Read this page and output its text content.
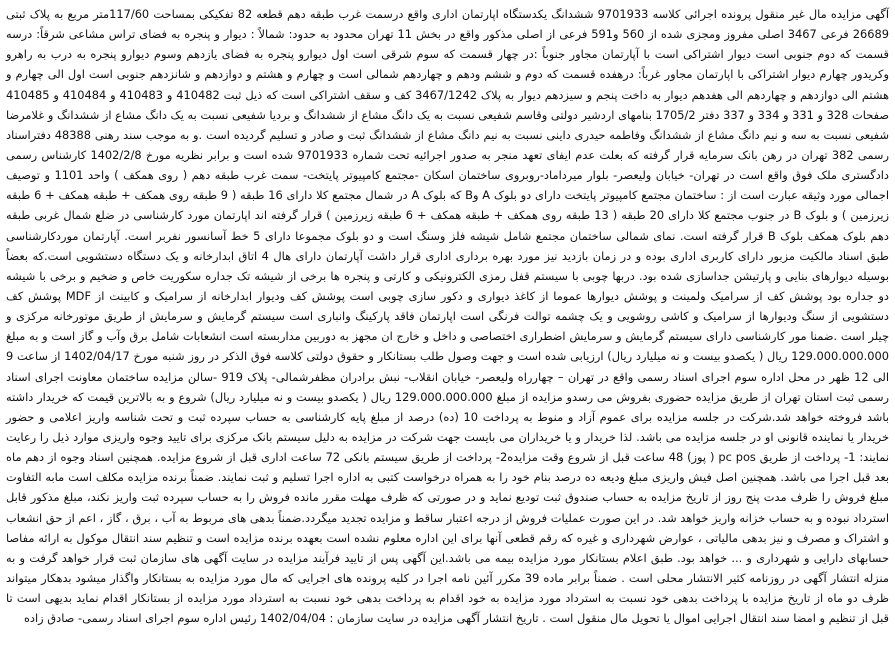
آگهی مزایده مال غیر منقول پرونده اجرائی کلاسه 9701933 ششدانگ یکدستگاه اپارتمان اداری واقع درسمت غرب طبقه دهم قطعه 82 تفکیکی بمساحت 117/60متر مربع به پلاک ثبتی 26689 فرعی 3467 اصلی مفروز ومجزی شده از 560 و591 فرعی از اصلی مذکور واقع در بخش 11 تهران محدود به حدود: شمالاً : دیوار و پنجره به فضای تراس مشاعی شرقاً: درسه قسمت که دوم جنوبی است دیوار اشتراکی است با آپارتمان مجاور جنوباً :در چهار قسمت که سوم شرقی است اول دیوارو پنجره به فضای یازدهم وسوم دیوارو پنجره به درب به راهرو وکریدور چهارم دیوار اشتراکی با اپارتمان مجاور غرباً: درهفده قسمت که دوم و ششم ودهم و چهاردهم شمالی است و چهارم و هشتم و دوازدهم و شانزدهم جنوبی است اول الی چهارم و هشتم الی دوازدهم و چهاردهم الی هفدهم دیوار به داخت پنجم و سیزدهم دیوار به پلاک 3467/1242 کف و سقف اشتراکی است که ذیل ثبت 410482 و 410483 و 410484 و 410485 صفحات 328 و 331 و 334 و 337 دفتر 1705/2 بنامهای اردشیر دولتی وقاسم شفیعی نسبت به یک دانگ مشاع از ششدانگ و بردیا شفیعی نسبت به یک دانگ مشاع از ششدانگ و غلامرضا شفیعی نسبت به سه و نیم دانگ مشاع از ششدانگ وفاطمه حیدری داینی نسبت به نیم دانگ مشاع از ششدانگ ثبت و صادر و تسلیم گردیده است .و به موجب سند رهنی 48388 دفتراسناد رسمی 382 تهران در رهن بانک سرمایه قرار گرفته که بعلت عدم ایفای تعهد منجر به صدور اجرائیه تحت شماره 9701933 شده است و برابر نظریه مورخ 1402/2/8 کارشناس رسمی دادگستری ملک فوق واقع است در تهران- خیابان ولیعصر- بلوار میرداماد-روبروی ساختمان اسکان -مجتمع کامپیوتر پایتخت- سمت غرب طبقه دهم ( روی همکف ) واحد 1101 و توصیف اجمالی مورد وثیقه عبارت است از : ساختمان مجتمع کامپیوتر پایتخت دارای دو بلوک A وB که بلوک A در شمال مجتمع کلا دارای 16 طبقه ( 9 طبقه روی همکف + طبقه همکف + 6 طبقه زیرزمین ) و بلوک B در جنوب مجتمع کلا دارای 20 طبقه ( 13 طبقه روی همکف + طبقه همکف + 6 طبقه زیرزمین ) قرار گرفته اند اپارتمان مورد کارشناسی در ضلع شمال غربی طبقه دهم بلوک همکف بلوک B قرار گرفته است. نمای شمالی ساختمان مجتمع شامل شیشه فلز وسنگ است و دو بلوک مجموعا دارای 5 خط آسانسور نفربر است. آپارتمان موردکارشناسی طبق اسناد مالکیت مزبور دارای کاربری اداری بوده و در زمان بازدید نیز مورد بهره برداری اداری قرار داشت آپارتمان دارای هال 4 اتاق ابدارخانه و یک دستگاه دستشویی است.که بعضاً بوسیله دیوارهای بنایی و پارتیشن جداسازی شده بود. دربها چوبی با سیستم قفل رمزی الکترونیکی و کارتی و پنجره ها برخی از شیشه تک جداره سکوریت خاص و ضخیم و برخی با شیشه دو جداره بود پوشش کف از سرامیک ولمینت و پوشش دیوارها عموما از کاغذ دیواری و دکور سازی چوبی است پوشش کف ودیوار ابدارخانه از سرامیک و کابینت از MDF پوشش کف دستشویی از سنگ ودیوارها از سرامیک و کاشی روشویی و یک چشمه توالت فرنگی است اپارتمان فاقد پارکینگ وانباری است سیستم گرمایش و سرمایش از طریق موتورخانه مرکزی و چیلر است .ضمنا مور کارشناسی دارای سیستم گرمایش و سرمایش اضطراری اختصاصی و داخل و خارج ان مجهز به دوربین مداربسته است انشعابات شامل برق وآب و گاز است و به مبلغ 129.000.000.000 ریال ( یکصدو بیست و نه میلیارد ریال) ارزیابی شده است و جهت وصول طلب بستانکار و حقوق دولتی کلاسه فوق الذکر در روز شنبه مورخ 1402/04/17 از ساعت 9 الی 12 ظهر در محل اداره سوم اجرای اسناد رسمی واقع در تهران – چهارراه ولیعصر- خیابان انقلاب- نبش برادران مظفرشمالی- پلاک 919 -سالن مزایده ساختمان معاونت اجرای اسناد رسمی ثبت استان تهران از طریق مزایده حضوری بفروش می رسدو مزایده از مبلغ 129.000.000.000 ریال ( یکصدو بیست و نه میلیارد ریال) شروع و به بالاترین قیمت که خریدار داشته باشد فروخته خواهد شد.شرکت در جلسه مزایده برای عموم آزاد و منوط به پرداخت 10 (ده) درصد از مبلغ پایه کارشناسی به حساب سپرده ثبت و تحت شناسه واریز اعلامی و حضور خریدار یا نماینده قانونی او در جلسه مزایده می باشد. لذا خریدار و یا خریداران می بایست جهت شرکت در مزایده به دلیل سیستم بانک مرکزی برای تایید وجوه واریزی موارد ذیل را رعایت نمایند: 1- پرداخت از طریق pc pos ( پوز) 48 ساعت قبل از شروع وقت مزایده2- پرداخت از طریق سیستم بانکی 72 ساعت اداری قبل از شروع مزایده. همچنین اسناد وجوه از دهم ماه بعد قبل اجرا می باشد. همچنین اصل فیش واریزی مبلغ ودیعه ده درصد بنام خود را به همراه درخواست کتبی به اداره اجرا تسلیم و ثبت نمایند. ضمناً برنده مزایده مکلف است مابه التفاوت مبلغ فروش را ظرف مدت پنج روز از تاریخ مزایده به حساب صندوق ثبت تودیع نماید و در صورتی که ظرف مهلت مقرر مانده فروش را به حساب سپرده ثبت واریز نکند، مبلغ مذکور قابل استرداد نبوده و به حساب خزانه واریز خواهد شد. در این صورت عملیات فروش از درجه اعتبار ساقط و مزایده تجدید میگردد.ضمناً بدهی های مربوط به آب ، برق ، گاز ، اعم از حق انشعاب و اشتراک و مصرف و نیز بدهی مالیاتی ، عوارض شهرداری و غیره که رقم قطعی آنها برای این اداره معلوم نشده است بعهده برنده مزایده است و تنظیم سند انتقال موکول به ارائه مفاصا حسابهای دارایی و شهرداری و ... خواهد بود. طبق اعلام بستانکار مورد مزایده بیمه می باشد.این آگهی پس از تایید فرآیند مزایده در سایت آگهی های سازمان ثبت قرار خواهد گرفت و به منزله انتشار آگهی در روزنامه کثیر الانتشار محلی است . ضمناً برابر ماده 39 مکرر آئین نامه اجرا در کلیه پرونده های اجرایی که مال مورد مزایده به بستانکار واگذار میشود بدهکار میتواند ظرف دو ماه از تاریخ مزایده با پرداخت بدهی خود نسبت به استرداد مورد مزایده به خود اقدام به پرداخت بدهی خود نسبت به استرداد مورد مزایده از بستانکار اقدام نماید بدیهی است تا قبل از تنظیم و امضا سند انتقال اجرایی اموال یا تحویل مال منقول است . تاریخ انتشار آگهی مزایده در سایت سازمان : 1402/04/04 رئیس اداره سوم اجرای اسناد رسمی- صادق زاده
